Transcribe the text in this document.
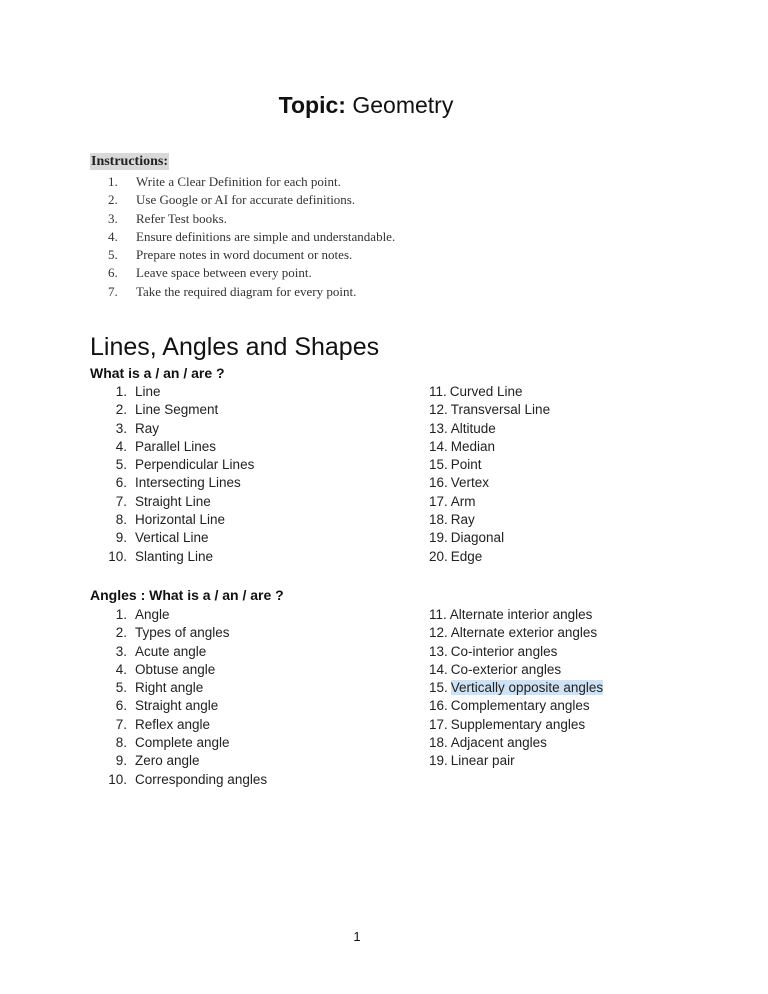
Topic: Geometry
Instructions:
1.	Write a Clear Definition for each point.
2.	Use Google or AI for accurate definitions.
3.	Refer Test books.
4.	Ensure definitions are simple and understandable.
5.	Prepare notes in word document or notes.
6.	Leave space between every point.
7.	Take the required diagram for every point.
Lines, Angles and Shapes
What is a / an / are ?
1. Line
2. Line Segment
3. Ray
4. Parallel Lines
5. Perpendicular Lines
6. Intersecting Lines
7. Straight Line
8. Horizontal Line
9. Vertical Line
10. Slanting Line
11. Curved Line
12. Transversal Line
13. Altitude
14. Median
15. Point
16. Vertex
17. Arm
18. Ray
19. Diagonal
20. Edge
Angles : What is a / an / are ?
1. Angle
2. Types of angles
3. Acute angle
4. Obtuse angle
5. Right angle
6. Straight angle
7. Reflex angle
8. Complete angle
9. Zero angle
10. Corresponding angles
11. Alternate interior angles
12. Alternate exterior angles
13. Co-interior angles
14. Co-exterior angles
15. Vertically opposite angles
16. Complementary angles
17. Supplementary angles
18. Adjacent angles
19. Linear pair
1
